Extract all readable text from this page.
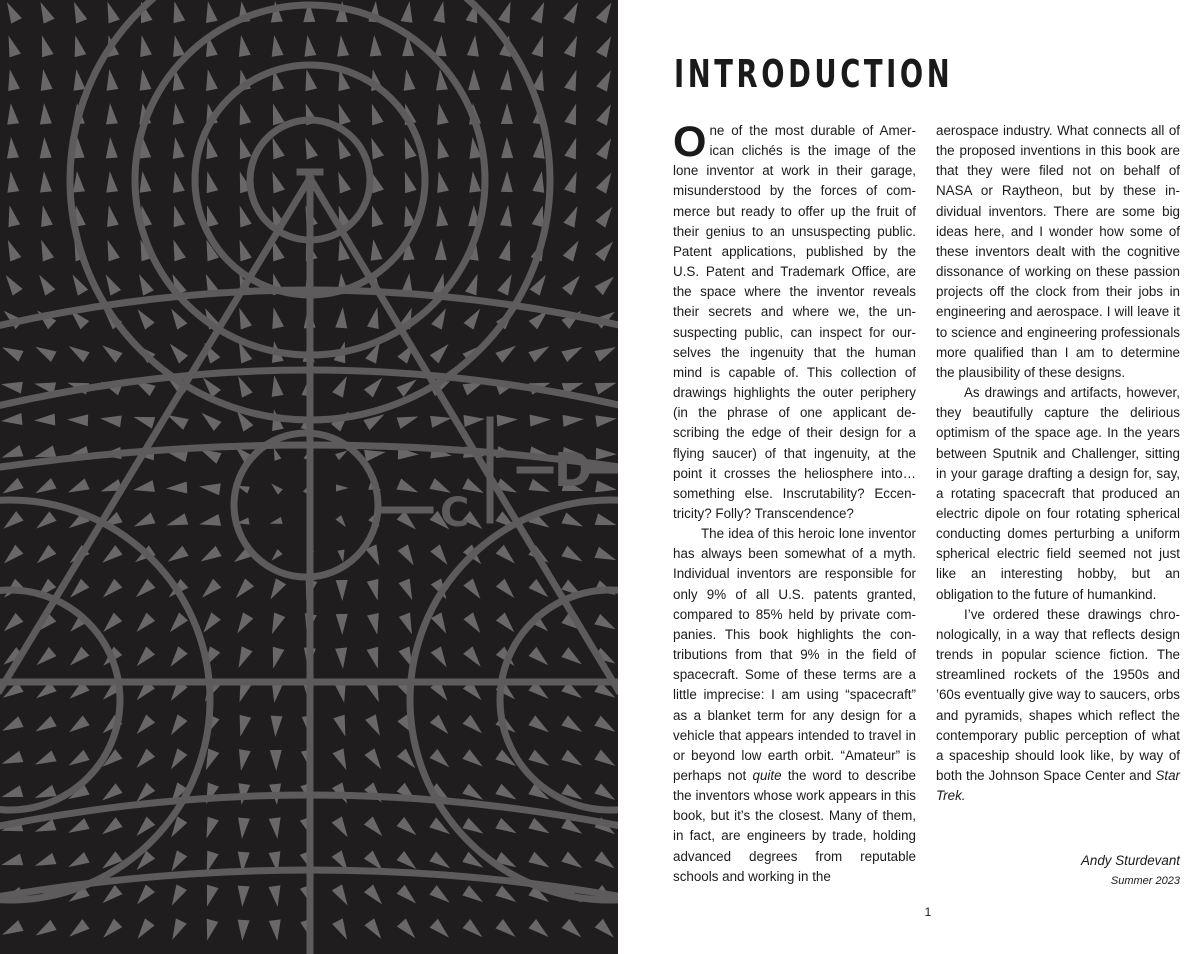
C
D
INTRODUCTION

One of the most durable of American clichés is the image of the lone inventor at work in their garage, misunderstood by the forces of commerce but ready to offer up the fruit of their genius to an unsuspecting public. Patent applications, published by the U.S. Patent and Trademark Office, are the space where the inventor reveals their secrets and where we, the unsuspecting public, can inspect for ourselves the ingenuity that the human mind is capable of. This collection of drawings highlights the outer periphery (in the phrase of one applicant describing the edge of their design for a flying saucer) of that ingenuity, at the point it crosses the heliosphere into… something else. Inscrutability? Eccentricity? Folly? Transcendence?

The idea of this heroic lone inventor has always been somewhat of a myth. Individual inventors are responsible for only 9% of all U.S. patents granted, compared to 85% held by private companies. This book highlights the contributions from that 9% in the field of spacecraft. Some of these terms are a little imprecise: I am using “spacecraft” as a blanket term for any design for a vehicle that appears intended to travel in or beyond low earth orbit. “Amateur” is perhaps not quite the word to describe the inventors whose work appears in this book, but it’s the closest. Many of them, in fact, are engineers by trade, holding advanced degrees from reputable schools and working in the

aerospace industry. What connects all of the proposed inventions in this book are that they were filed not on behalf of NASA or Raytheon, but by these individual inventors. There are some big ideas here, and I wonder how some of these inventors dealt with the cognitive dissonance of working on these passion projects off the clock from their jobs in engineering and aerospace. I will leave it to science and engineering professionals more qualified than I am to determine the plausibility of these designs.

As drawings and artifacts, however, they beautifully capture the delirious optimism of the space age. In the years between Sputnik and Challenger, sitting in your garage drafting a design for, say, a rotating spacecraft that produced an electric dipole on four rotating spherical conducting domes perturbing a uniform spherical electric field seemed not just like an interesting hobby, but an obligation to the future of humankind.

I’ve ordered these drawings chronologically, in a way that reflects design trends in popular science fiction. The streamlined rockets of the 1950s and ’60s eventually give way to saucers, orbs and pyramids, shapes which reflect the contemporary public perception of what a spaceship should look like, by way of both the Johnson Space Center and Star Trek.

Andy Sturdevant
Summer 2023
1
